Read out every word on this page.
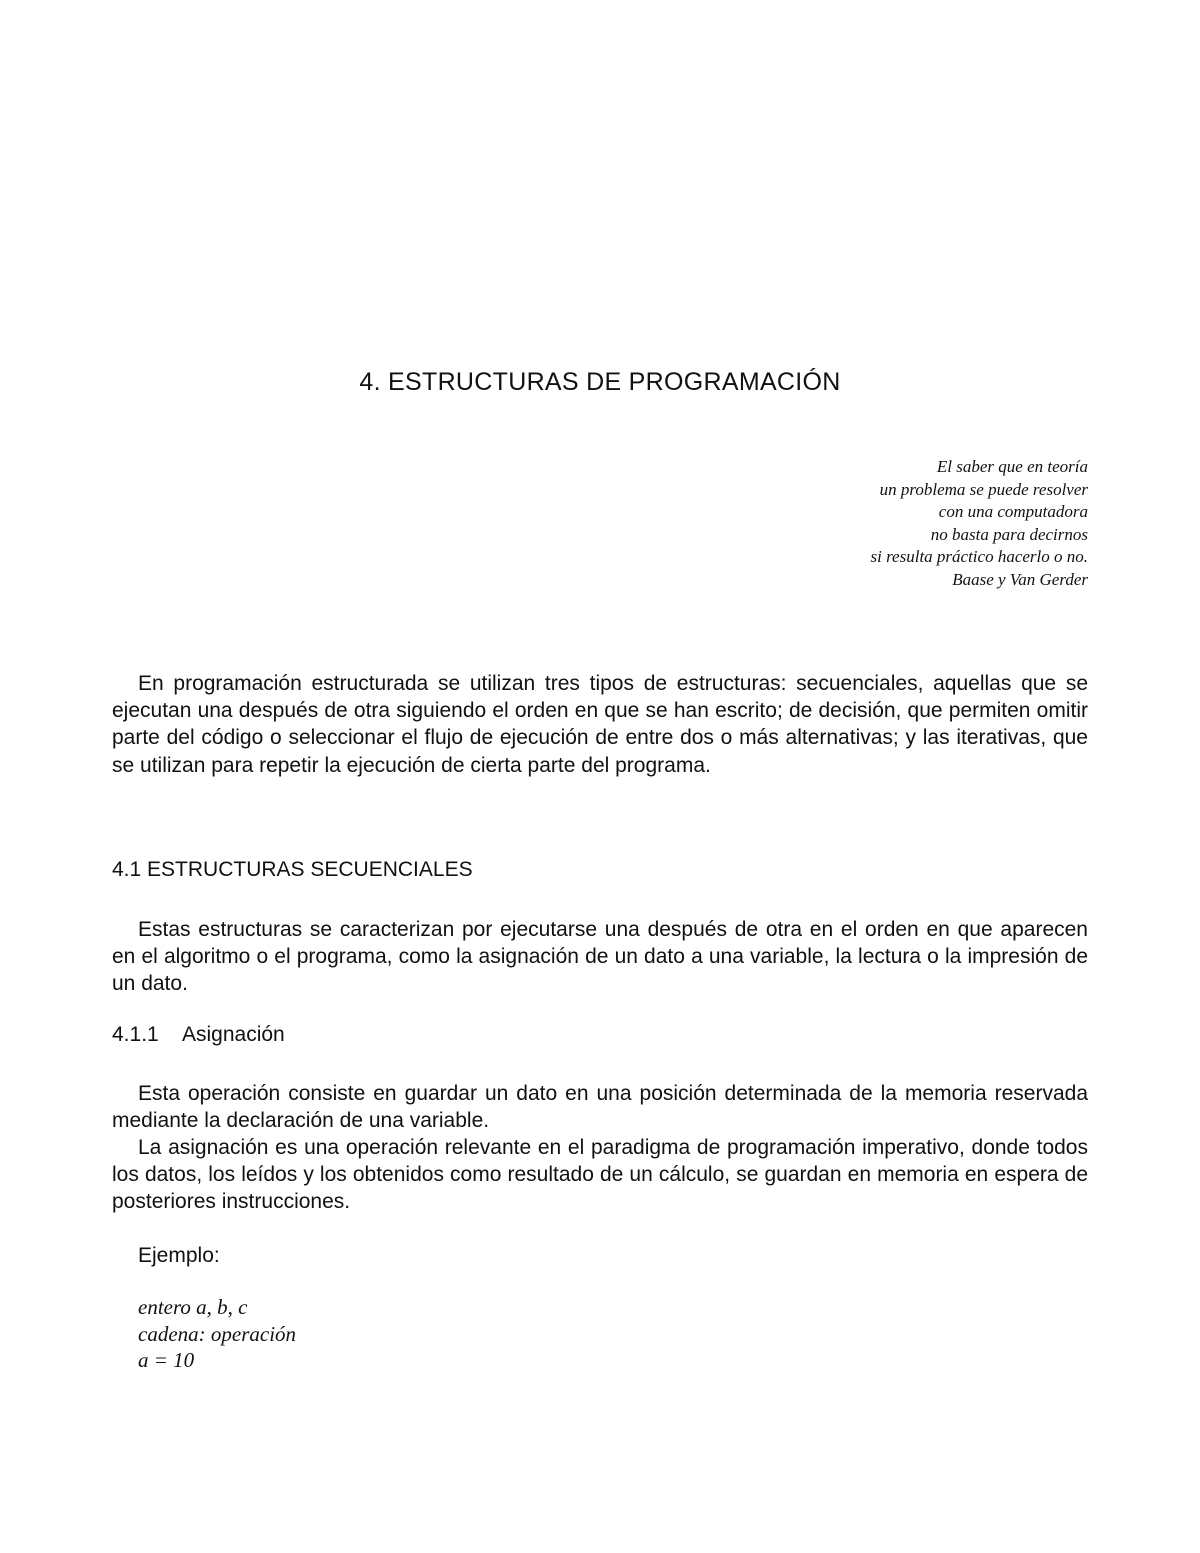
4. ESTRUCTURAS DE PROGRAMACIÓN
El saber que en teoría
un problema se puede resolver
con una computadora
no basta para decirnos
si resulta práctico hacerlo o no.
Baase y Van Gerder

En programación estructurada se utilizan tres tipos de estructuras: secuenciales, aquellas que se ejecutan una después de otra siguiendo el orden en que se han escrito; de decisión, que permiten omitir parte del código o seleccionar el flujo de ejecución de entre dos o más alternativas; y las iterativas, que se utilizan para repetir la ejecución de cierta parte del programa.

4.1 ESTRUCTURAS SECUENCIALES

Estas estructuras se caracterizan por ejecutarse una después de otra en el orden en que aparecen en el algoritmo o el programa, como la asignación de un dato a una variable, la lectura o la impresión de un dato.

4.1.1 Asignación

Esta operación consiste en guardar un dato en una posición determinada de la memoria reservada mediante la declaración de una variable.

La asignación es una operación relevante en el paradigma de programación imperativo, donde todos los datos, los leídos y los obtenidos como resultado de un cálculo, se guardan en memoria en espera de posteriores instrucciones.

Ejemplo:
entero a, b, c
cadena: operación
a = 10
